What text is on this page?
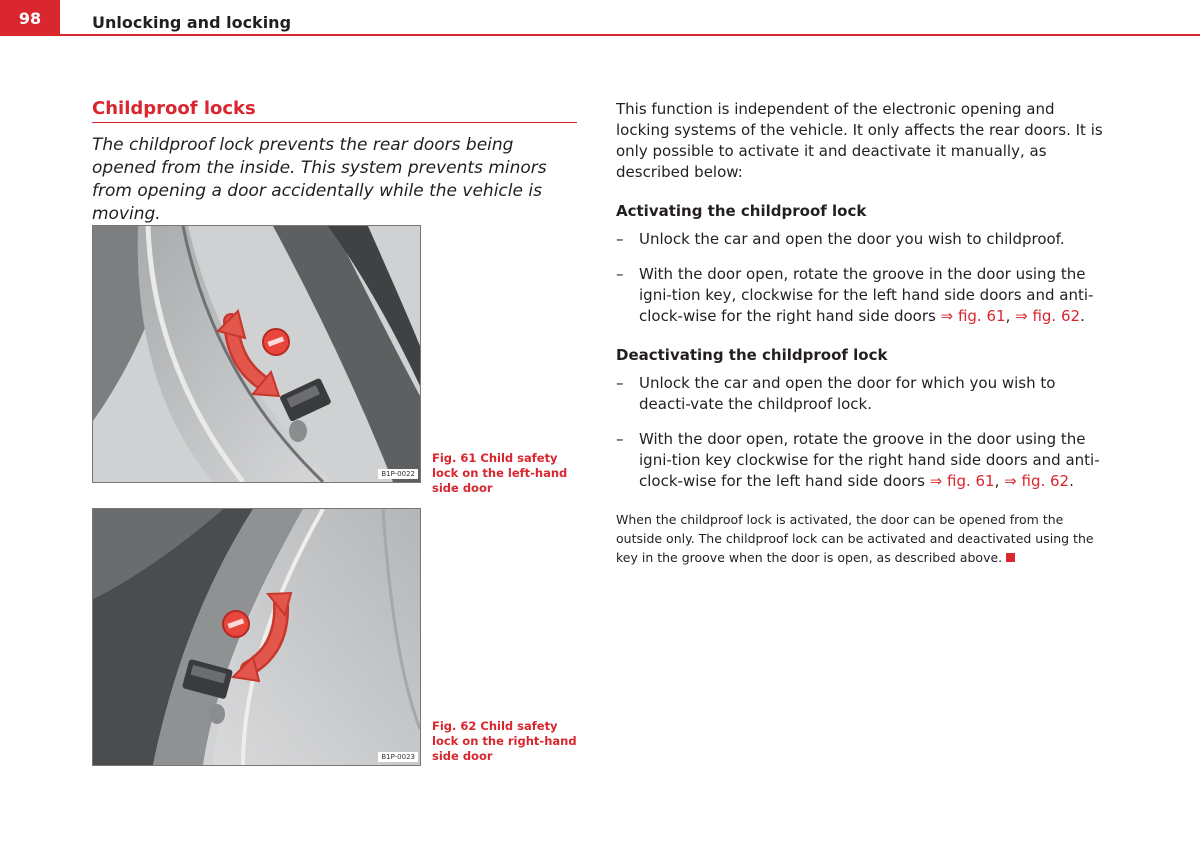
98	Unlocking and locking
Childproof locks
The childproof lock prevents the rear doors being opened from the inside. This system prevents minors from opening a door accidentally while the vehicle is moving.
B1P-0022
Fig. 61 Child safety lock on the left-hand side door
B1P-0023
Fig. 62 Child safety lock on the right-hand side door

This function is independent of the electronic opening and locking systems of the vehicle. It only affects the rear doors. It is only possible to activate it and deactivate it manually, as described below:

Activating the childproof lock

– Unlock the car and open the door you wish to childproof.

– With the door open, rotate the groove in the door using the igni-tion key, clockwise for the left hand side doors and anti-clock-wise for the right hand side doors ⇒ fig. 61, ⇒ fig. 62.

Deactivating the childproof lock

– Unlock the car and open the door for which you wish to deacti-vate the childproof lock.

– With the door open, rotate the groove in the door using the igni-tion key clockwise for the right hand side doors and anti-clock-wise for the left hand side doors ⇒ fig. 61, ⇒ fig. 62.

When the childproof lock is activated, the door can be opened from the outside only. The childproof lock can be activated and deactivated using the key in the groove when the door is open, as described above.
